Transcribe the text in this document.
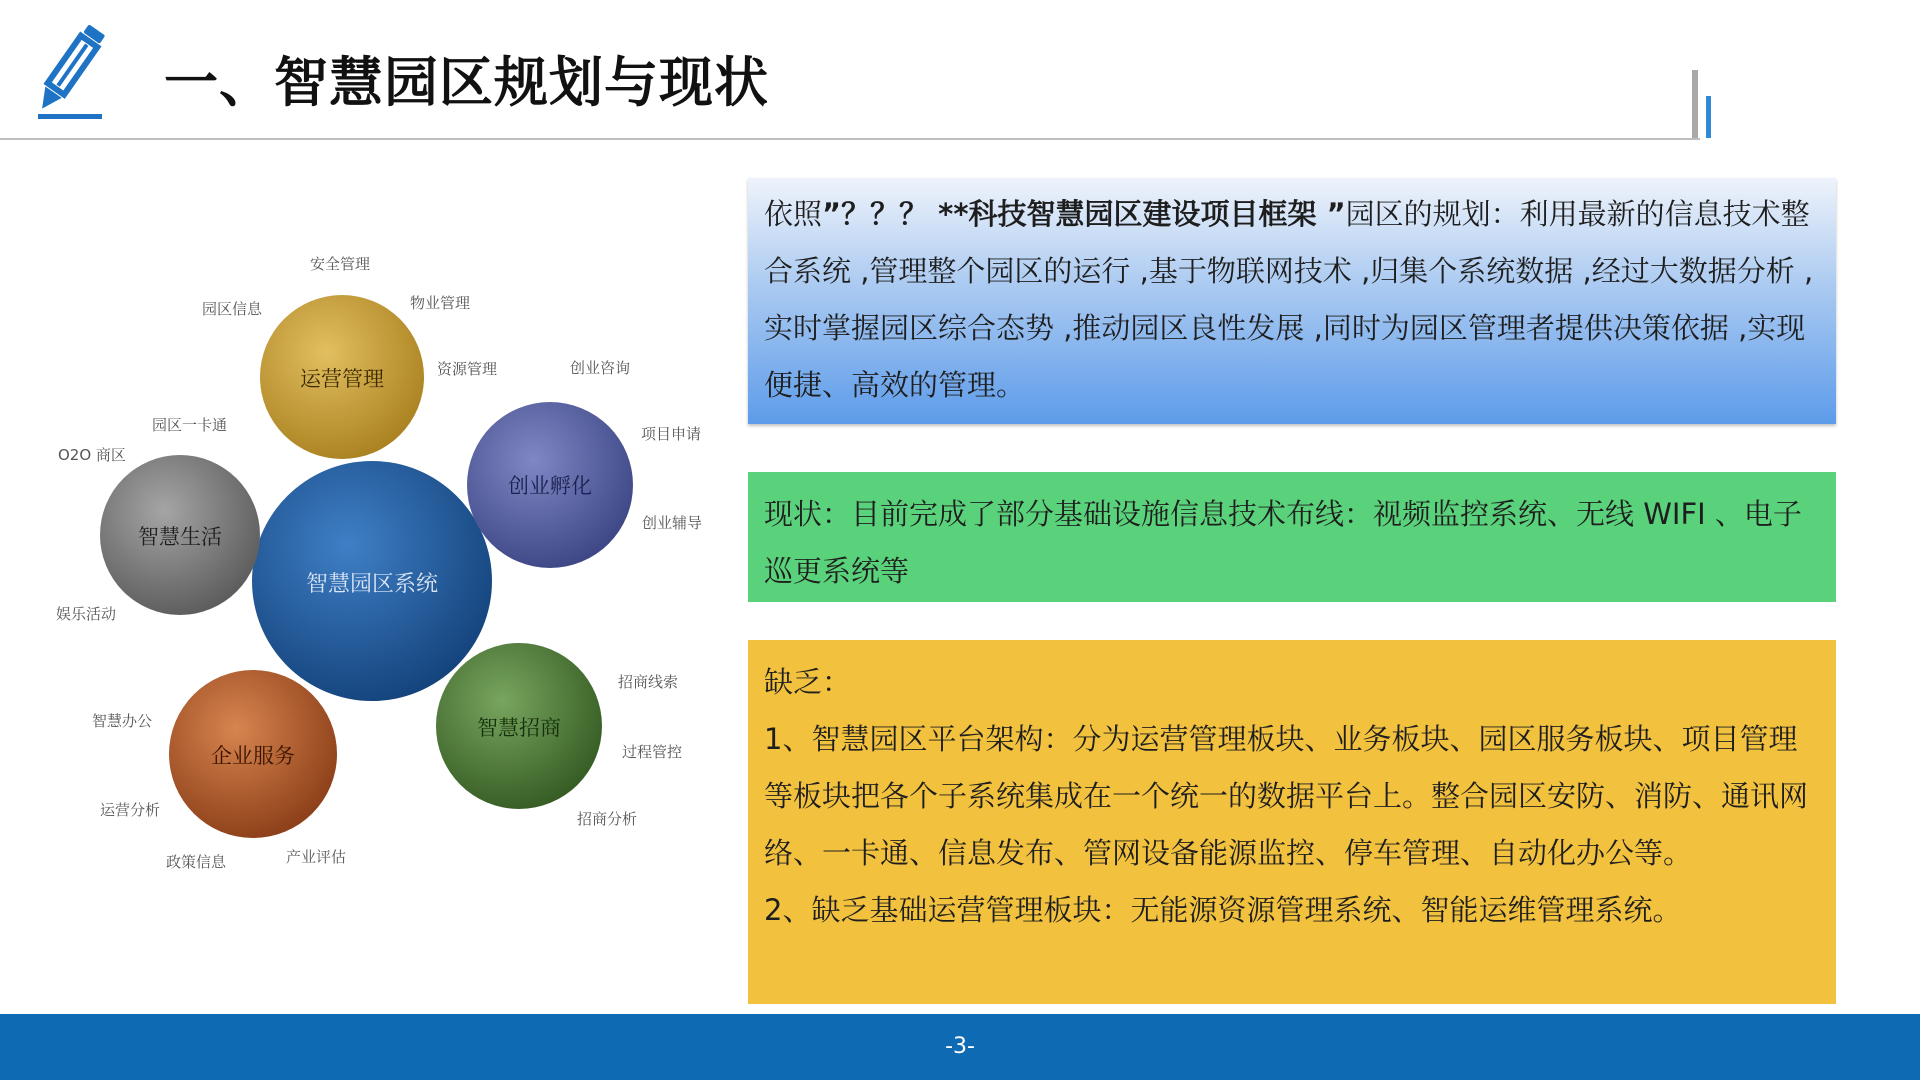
一、智慧园区规划与现状
智慧园区系统
运营管理
安全管理
园区信息	物业管理
资源管理
创业孵化
创业咨询
项目申请
创业辅导
智慧招商
招商线索
过程管控
招商分析
企业服务
智慧办公
运营分析
政策信息	产业评估
智慧生活
园区一卡通
O2O 商区
娱乐活动
依照”？？？ **科技智慧园区建设项目框架 ”园区的规划：利用最新的信息技术整合系统 ,管理整个园区的运行 ,基于物联网技术 ,归集个系统数据 ,经过大数据分析 ,实时掌握园区综合态势 ,推动园区良性发展 ,同时为园区管理者提供决策依据 ,实现便捷、高效的管理。
现状：目前完成了部分基础设施信息技术布线：视频监控系统、无线 WIFI 、电子巡更系统等

缺乏：

1、智慧园区平台架构：分为运营管理板块、业务板块、园区服务板块、项目管理等板块把各个子系统集成在一个统一的数据平台上。整合园区安防、消防、通讯网络、一卡通、信息发布、管网设备能源监控、停车管理、自动化办公等。

2、缺乏基础运营管理板块：无能源资源管理系统、智能运维管理系统。

-3-
